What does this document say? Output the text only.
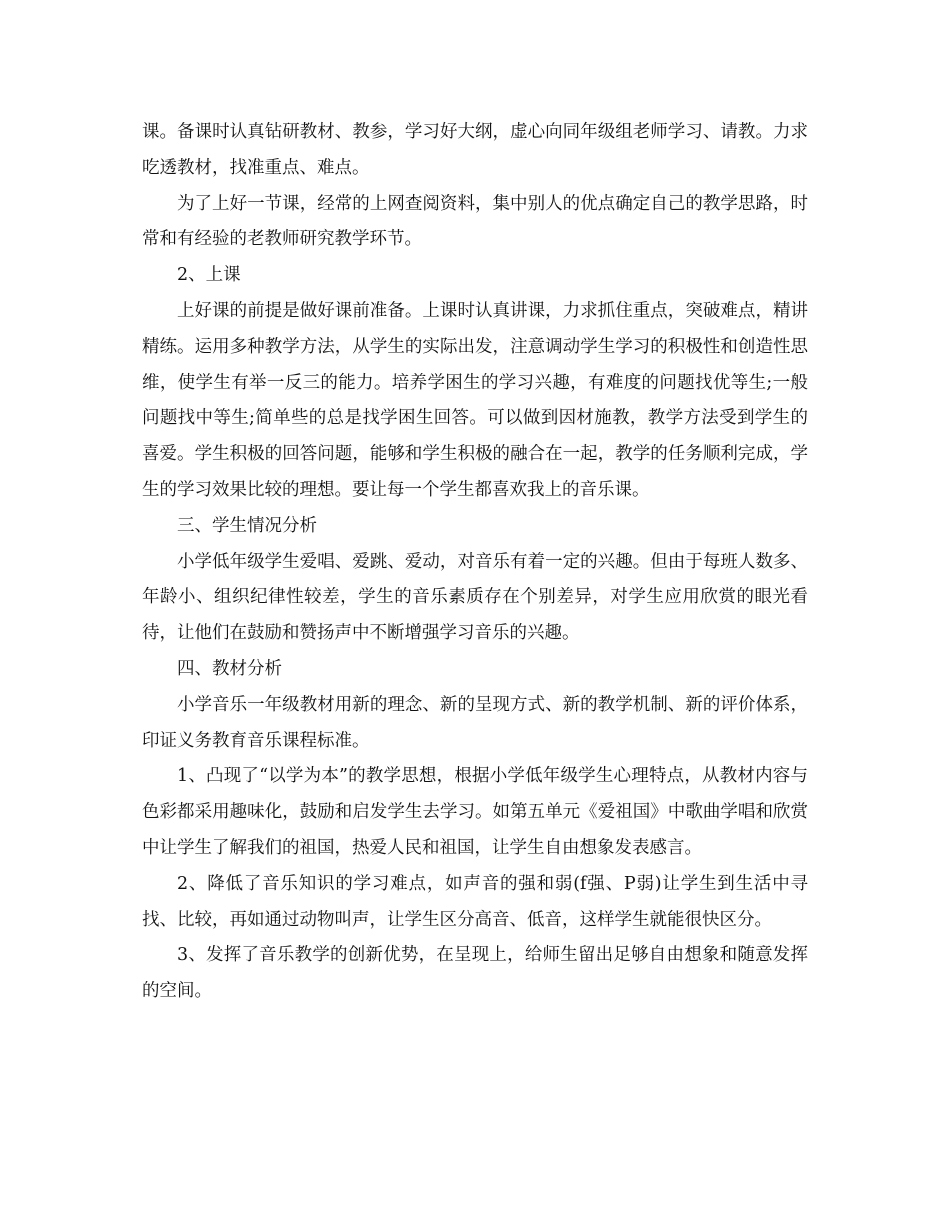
课。备课时认真钻研教材、教参，学习好大纲，虚心向同年级组老师学习、请教。力求吃透教材，找准重点、难点。

为了上好一节课，经常的上网查阅资料，集中别人的优点确定自己的教学思路，时常和有经验的老教师研究教学环节。

2、上课

上好课的前提是做好课前准备。上课时认真讲课，力求抓住重点，突破难点，精讲精练。运用多种教学方法，从学生的实际出发，注意调动学生学习的积极性和创造性思维，使学生有举一反三的能力。培养学困生的学习兴趣，有难度的问题找优等生;一般问题找中等生;简单些的总是找学困生回答。可以做到因材施教，教学方法受到学生的喜爱。学生积极的回答问题，能够和学生积极的融合在一起，教学的任务顺利完成，学生的学习效果比较的理想。要让每一个学生都喜欢我上的音乐课。

三、学生情况分析

小学低年级学生爱唱、爱跳、爱动，对音乐有着一定的兴趣。但由于每班人数多、年龄小、组织纪律性较差，学生的音乐素质存在个别差异，对学生应用欣赏的眼光看待，让他们在鼓励和赞扬声中不断增强学习音乐的兴趣。

四、教材分析

小学音乐一年级教材用新的理念、新的呈现方式、新的教学机制、新的评价体系，印证义务教育音乐课程标准。

1、凸现了“以学为本”的教学思想，根据小学低年级学生心理特点，从教材内容与色彩都采用趣味化，鼓励和启发学生去学习。如第五单元《爱祖国》中歌曲学唱和欣赏中让学生了解我们的祖国，热爱人民和祖国，让学生自由想象发表感言。

2、降低了音乐知识的学习难点，如声音的强和弱(f强、P弱)让学生到生活中寻找、比较，再如通过动物叫声，让学生区分高音、低音，这样学生就能很快区分。

3、发挥了音乐教学的创新优势，在呈现上，给师生留出足够自由想象和随意发挥的空间。
